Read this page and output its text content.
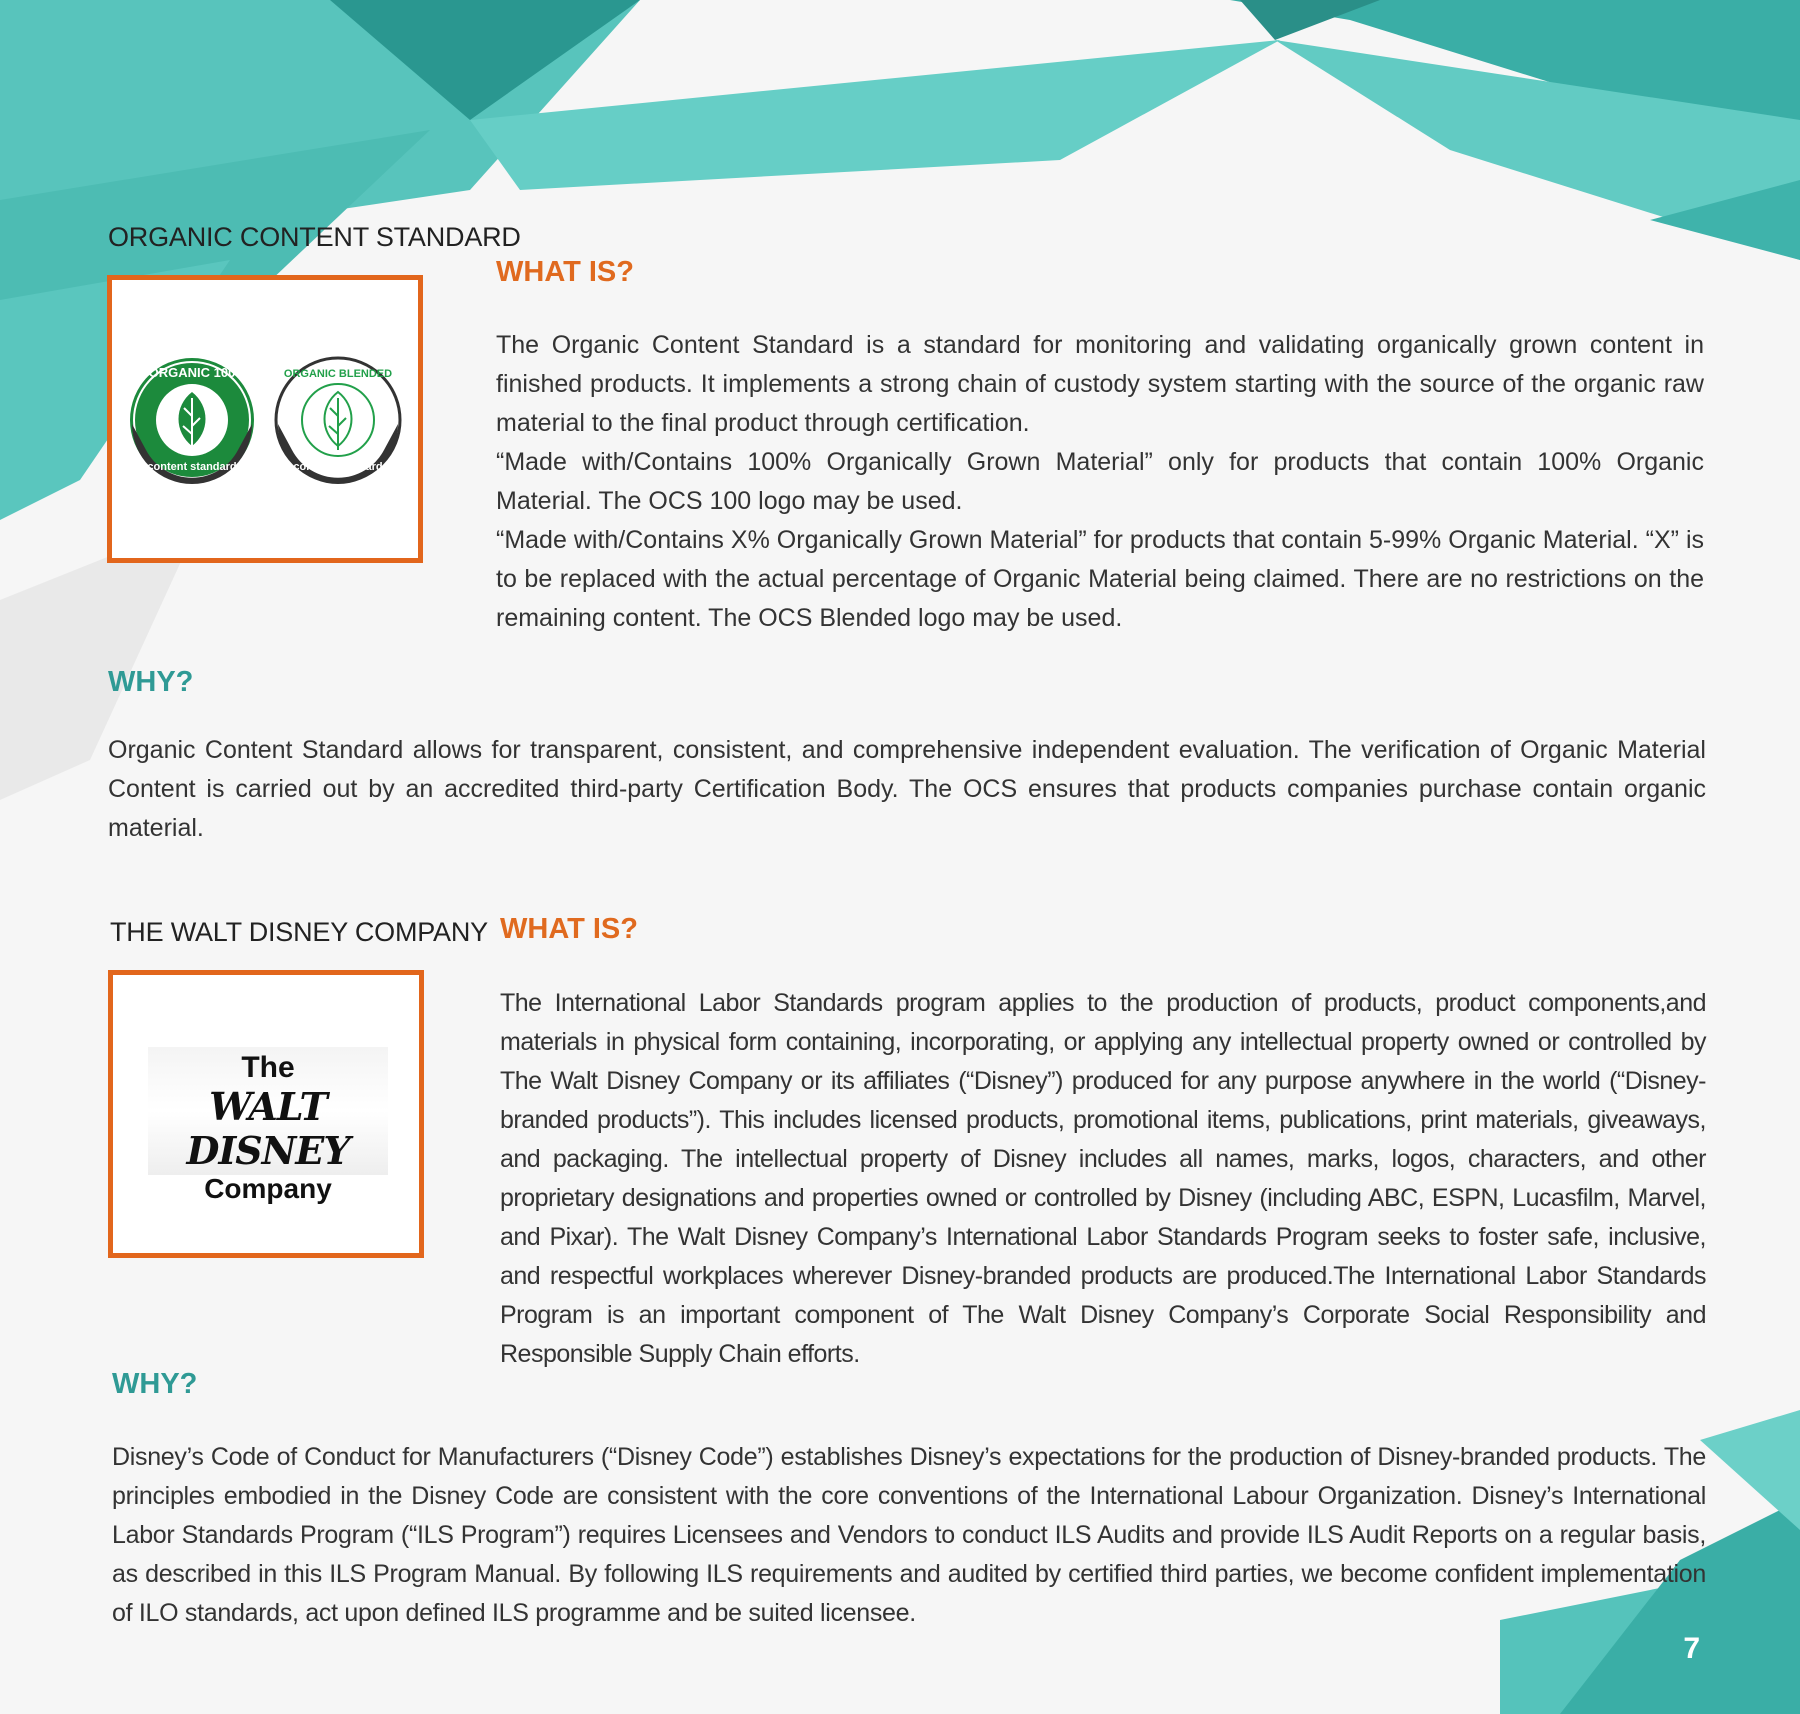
ORGANIC CONTENT STANDARD
ORGANIC 100
content standard
ORGANIC BLENDED
content standard
WHAT IS?

The Organic Content Standard is a standard for monitoring and validating organically grown content in finished products. It implements a strong chain of custody system starting with the source of the organic raw material to the final product through certification.

“Made with/Contains 100% Organically Grown Material” only for products that contain 100% Organic Material. The OCS 100 logo may be used.

“Made with/Contains X% Organically Grown Material” for products that contain 5-99% Organic Material. “X” is to be replaced with the actual percentage of Organic Material being claimed. There are no restrictions on the remaining content. The OCS Blended logo may be used.

WHY?
Organic Content Standard allows for transparent, consistent, and comprehensive independent evaluation. The verification of Organic Material Content is carried out by an accredited third-party Certification Body. The OCS ensures that products companies purchase contain organic material.
THE WALT DISNEY COMPANY
The
WALT DISNEY
Company
WHAT IS?

The International Labor Standards program applies to the production of products, product components,and materials in physical form containing, incorporating, or applying any intellectual property owned or controlled by The Walt Disney Company or its affiliates (“Disney”) produced for any purpose anywhere in the world (“Disney-branded products”). This includes licensed products, promotional items, publications, print materials, giveaways, and packaging. The intellectual property of Disney includes all names, marks, logos, characters, and other proprietary designations and properties owned or controlled by Disney (including ABC, ESPN, Lucasfilm, Marvel, and Pixar). The Walt Disney Company’s International Labor Standards Program seeks to foster safe, inclusive, and respectful workplaces wherever Disney-branded products are produced.The International Labor Standards Program is an important component of The Walt Disney Company’s Corporate Social Responsibility and Responsible Supply Chain efforts.

WHY?
Disney’s Code of Conduct for Manufacturers (“Disney Code”) establishes Disney’s expectations for the production of Disney-branded products. The principles embodied in the Disney Code are consistent with the core conventions of the International Labour Organization. Disney’s International Labor Standards Program (“ILS Program”) requires Licensees and Vendors to conduct ILS Audits and provide ILS Audit Reports on a regular basis, as described in this ILS Program Manual. By following ILS requirements and audited by certified third parties, we become confident implementation of ILO standards, act upon defined ILS programme and be suited licensee.
7
